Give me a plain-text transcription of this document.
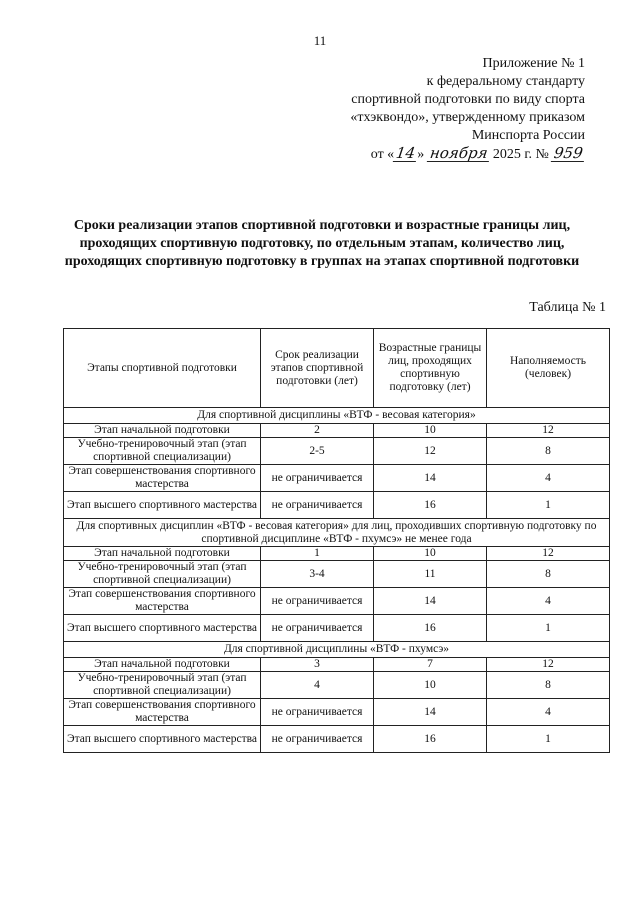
11
Приложение № 1
к федеральному стандарту
спортивной подготовки по виду спорта
«тхэквондо», утвержденному приказом
Минспорта России
от «14» ноября 2025 г. № 959
Сроки реализации этапов спортивной подготовки и возрастные границы лиц, проходящих спортивную подготовку, по отдельным этапам, количество лиц, проходящих спортивную подготовку в группах на этапах спортивной подготовки
Таблица № 1
Этапы спортивной подготовки	Срок реализации этапов спортивной подготовки (лет)	Возрастные границы лиц, проходящих спортивную подготовку (лет)	Наполняемость (человек)
Для спортивной дисциплины «ВТФ - весовая категория»			
Этап начальной подготовки	2	10	12
Учебно-тренировочный этап (этап спортивной специализации)	2-5	12	8
Этап совершенствования спортивного мастерства	не ограничивается	14	4
Этап высшего спортивного мастерства	не ограничивается	16	1
Для спортивных дисциплин «ВТФ - весовая категория» для лиц, проходивших спортивную подготовку по спортивной дисциплине «ВТФ - пхумсэ» не менее года			
Этап начальной подготовки	1	10	12
Учебно-тренировочный этап (этап спортивной специализации)	3-4	11	8
Этап совершенствования спортивного мастерства	не ограничивается	14	4
Этап высшего спортивного мастерства	не ограничивается	16	1
Для спортивной дисциплины «ВТФ - пхумсэ»			
Этап начальной подготовки	3	7	12
Учебно-тренировочный этап (этап спортивной специализации)	4	10	8
Этап совершенствования спортивного мастерства	не ограничивается	14	4
Этап высшего спортивного мастерства	не ограничивается	16	1
